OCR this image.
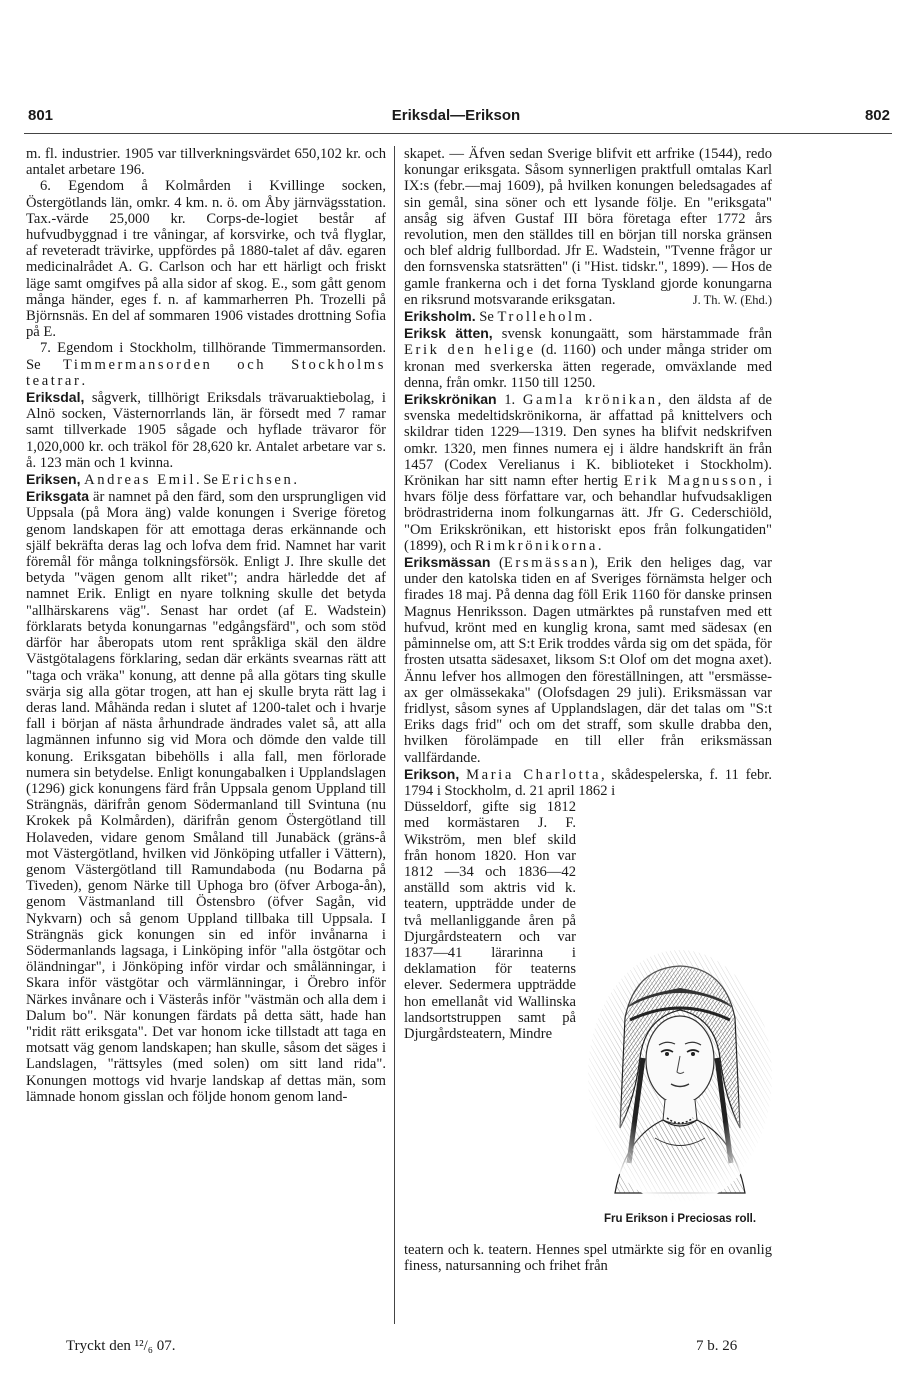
801	Eriksdal—Erikson	802

m. fl. industrier. 1905 var tillverkningsvärdet 650,102 kr. och antalet arbetare 196.

6. Egendom å Kolmården i Kvillinge socken, Östergötlands län, omkr. 4 km. n. ö. om Åby järnvägsstation. Tax.-värde 25,000 kr. Corps-de-logiet består af hufvudbyggnad i tre våningar, af korsvirke, och två flyglar, af reveteradt trävirke, uppfördes på 1880-talet af dåv. egaren medicinalrådet A. G. Carlson och har ett härligt och friskt läge samt omgifves på alla sidor af skog. E., som gått genom många händer, eges f. n. af kammarherren Ph. Trozelli på Björnsnäs. En del af sommaren 1906 vistades drottning Sofia på E.

7. Egendom i Stockholm, tillhörande Timmermansorden. Se Timmermansorden och Stockholms teatrar.

Eriksdal, sågverk, tillhörigt Eriksdals trävaruaktiebolag, i Alnö socken, Västernorrlands län, är försedt med 7 ramar samt tillverkade 1905 sågade och hyflade trävaror för 1,020,000 kr. och träkol för 28,620 kr. Antalet arbetare var s. å. 123 män och 1 kvinna.

Eriksen, Andreas Emil. Se Erichsen.

Eriksgata är namnet på den färd, som den ursprungligen vid Uppsala (på Mora äng) valde konungen i Sverige företog genom landskapen för att emottaga deras erkännande och själf bekräfta deras lag och lofva dem frid. Namnet har varit föremål för många tolkningsförsök. Enligt J. Ihre skulle det betyda "vägen genom allt riket"; andra härledde det af namnet Erik. Enligt en nyare tolkning skulle det betyda "allhärskarens väg". Senast har ordet (af E. Wadstein) förklarats betyda konungarnas "edgångsfärd", och som stöd därför har åberopats utom rent språkliga skäl den äldre Västgötalagens förklaring, sedan där erkänts svearnas rätt att "taga och vräka" konung, att denne på alla götars ting skulle svärja sig alla götar trogen, att han ej skulle bryta rätt lag i deras land. Måhända redan i slutet af 1200-talet och i hvarje fall i början af nästa århundrade ändrades valet så, att alla lagmännen infunno sig vid Mora och dömde den valde till konung. Eriksgatan bibehölls i alla fall, men förlorade numera sin betydelse. Enligt konungabalken i Upplandslagen (1296) gick konungens färd från Uppsala genom Uppland till Strängnäs, därifrån genom Södermanland till Svintuna (nu Krokek på Kolmården), därifrån genom Östergötland till Holaveden, vidare genom Småland till Junabäck (gräns-å mot Västergötland, hvilken vid Jönköping utfaller i Vättern), genom Västergötland till Ramundaboda (nu Bodarna på Tiveden), genom Närke till Uphoga bro (öfver Arboga-ån), genom Västmanland till Östensbro (öfver Sagån, vid Nykvarn) och så genom Uppland tillbaka till Uppsala. I Strängnäs gick konungen sin ed inför invånarna i Södermanlands lagsaga, i Linköping inför "alla östgötar och öländningar", i Jönköping inför virdar och smålänningar, i Skara inför västgötar och värmlänningar, i Örebro inför Närkes invånare och i Västerås inför "västmän och alla dem i Dalum bo". När konungen färdats på detta sätt, hade han "ridit rätt eriksgata". Det var honom icke tillstadt att taga en motsatt väg genom landskapen; han skulle, såsom det säges i Landslagen, "rättsyles (med solen) om sitt land rida". Konungen mottogs vid hvarje landskap af dettas män, som lämnade honom gisslan och följde honom genom land-

skapet. — Äfven sedan Sverige blifvit ett arfrike (1544), redo konungar eriksgata. Såsom synnerligen praktfull omtalas Karl IX:s (febr.—maj 1609), på hvilken konungen beledsagades af sin gemål, sina söner och ett lysande följe. En "eriksgata" ansåg sig äfven Gustaf III böra företaga efter 1772 års revolution, men den ställdes till en början till norska gränsen och blef aldrig fullbordad. Jfr E. Wadstein, "Tvenne frågor ur den fornsvenska statsrätten" (i "Hist. tidskr.", 1899). — Hos de gamle frankerna och i det forna Tyskland gjorde konungarna en riksrund motsvarande eriksgatan.	J. Th. W. (Ehd.)

Eriksholm. Se Trolleholm.

Eriksk ätten, svensk konungaätt, som härstammade från Erik den helige (d. 1160) och under många strider om kronan med sverkerska ätten regerade, omväxlande med denna, från omkr. 1150 till 1250.

Erikskrönikan 1. Gamla krönikan, den äldsta af de svenska medeltidskrönikorna, är affattad på knittelvers och skildrar tiden 1229—1319. Den synes ha blifvit nedskrifven omkr. 1320, men finnes numera ej i äldre handskrift än från 1457 (Codex Verelianus i K. biblioteket i Stockholm). Krönikan har sitt namn efter hertig Erik Magnusson, i hvars följe dess författare var, och behandlar hufvudsakligen brödrastriderna inom folkungarnas ätt. Jfr G. Cederschiöld, "Om Erikskrönikan, ett historiskt epos från folkungatiden" (1899), och Rimkrönikorna.

Eriksmässan (Ersmässan), Erik den heliges dag, var under den katolska tiden en af Sveriges förnämsta helger och firades 18 maj. På denna dag föll Erik 1160 för danske prinsen Magnus Henriksson. Dagen utmärktes på runstafven med ett hufvud, krönt med en kunglig krona, samt med sädesax (en påminnelse om, att S:t Erik troddes vårda sig om det späda, för frosten utsatta sädesaxet, liksom S:t Olof om det mogna axet). Ännu lefver hos allmogen den föreställningen, att "ersmässe-ax ger olmässekaka" (Olofsdagen 29 juli). Eriksmässan var fridlyst, såsom synes af Upplandslagen, där det talas om "S:t Eriks dags frid" och om det straff, som skulle drabba den, hvilken förolämpade en till eller från eriksmässan vallfärdande.

Erikson, Maria Charlotta, skådespelerska, f. 11 febr. 1794 i Stockholm, d. 21 april 1862 i

Düsseldorf, gifte sig 1812 med kormästaren J. F. Wikström, men blef skild från honom 1820. Hon var 1812 —34 och 1836—42 anställd som aktris vid k. teatern, uppträdde under de två mellanliggande åren på Djurgårdsteatern och var 1837—41 lärarinna i deklamation för teaterns elever. Sedermera uppträdde hon emellanåt vid Wallinska landsortstruppen samt på Djurgårdsteatern, Mindre
Fru Erikson i Preciosas roll.
teatern och k. teatern. Hennes spel utmärkte sig för en ovanlig finess, natursanning och frihet från
Tryckt den ¹²/₆ 07.	7 b. 26
